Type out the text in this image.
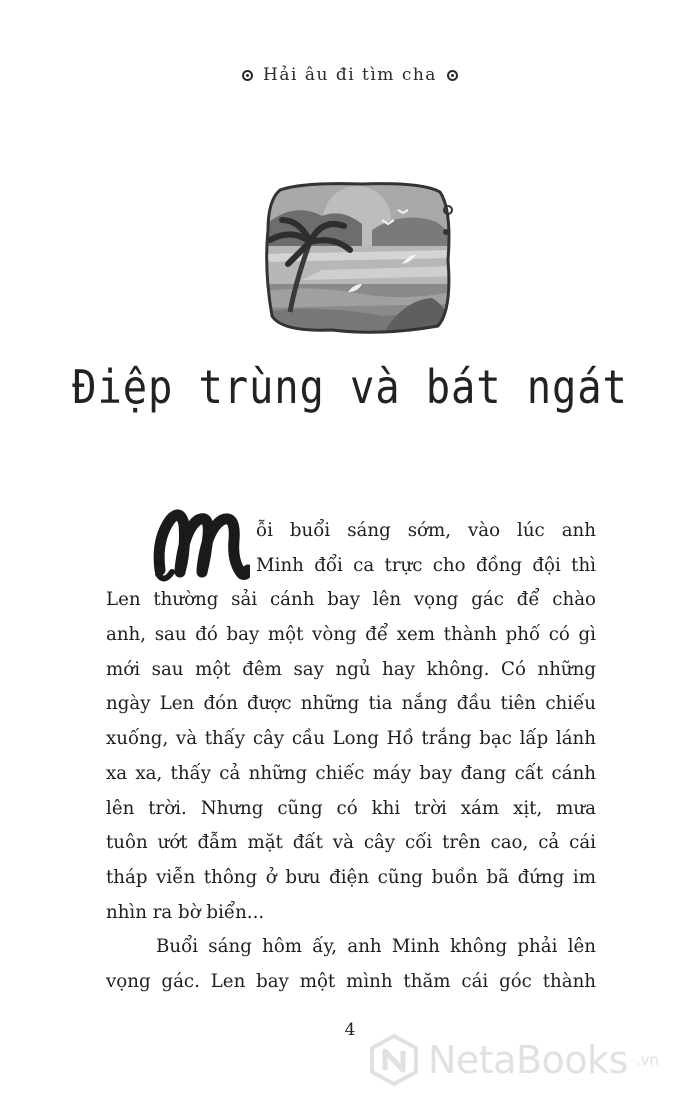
Hải âu đi tìm cha
Điệp trùng và bát ngát
ỗi buổi sáng sớm, vào lúc anh
Minh đổi ca trực cho đồng đội thì
Len thường sải cánh bay lên vọng gác để chào
anh, sau đó bay một vòng để xem thành phố có gì
mới sau một đêm say ngủ hay không. Có những
ngày Len đón được những tia nắng đầu tiên chiếu
xuống, và thấy cây cầu Long Hồ trắng bạc lấp lánh
xa xa, thấy cả những chiếc máy bay đang cất cánh
lên trời. Nhưng cũng có khi trời xám xịt, mưa
tuôn ướt đẫm mặt đất và cây cối trên cao, cả cái
tháp viễn thông ở bưu điện cũng buồn bã đứng im
nhìn ra bờ biển...
Buổi sáng hôm ấy, anh Minh không phải lên
vọng gác. Len bay một mình thăm cái góc thành
4
NetaBooks .vn
